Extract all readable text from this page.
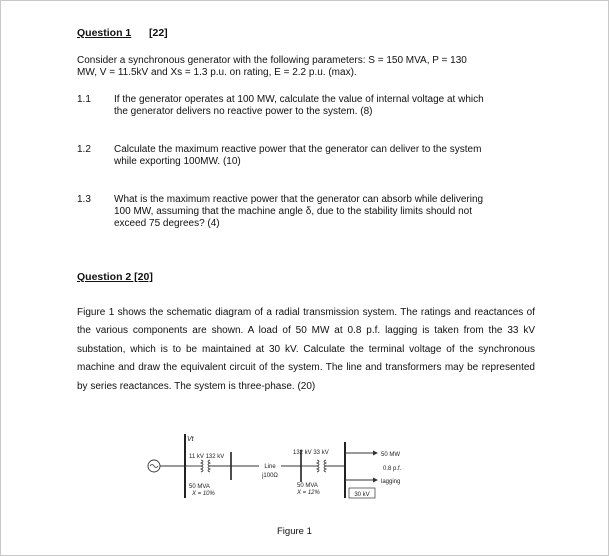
Question 1 [22]
Consider a synchronous generator with the following parameters: S = 150 MVA, P = 130
MW, V = 11.5kV and Xs = 1.3 p.u. on rating, E = 2.2 p.u. (max).
1.1 If the generator operates at 100 MW, calculate the value of internal voltage at which
the generator delivers no reactive power to the system. (8)
1.2 Calculate the maximum reactive power that the generator can deliver to the system
while exporting 100MW. (10)
1.3 What is the maximum reactive power that the generator can absorb while delivering
100 MW, assuming that the machine angle δ, due to the stability limits should not
exceed 75 degrees? (4)
Question 2 [20]
Figure 1 shows the schematic diagram of a radial transmission system. The ratings and reactances of the various components are shown. A load of 50 MW at 0.8 p.f. lagging is taken from the 33 kV substation, which is to be maintained at 30 kV. Calculate the terminal voltage of the synchronous machine and draw the equivalent circuit of the system. The line and transformers may be represented by series reactances. The system is three-phase. (20)
Vt
11 kV 132 kV
50 MVA
X = 10%
Line
j100Ω
132 kV 33 kV
50 MVA
X = 12%	30 kV
50 MW
0.8 p.f.
lagging
Figure 1
